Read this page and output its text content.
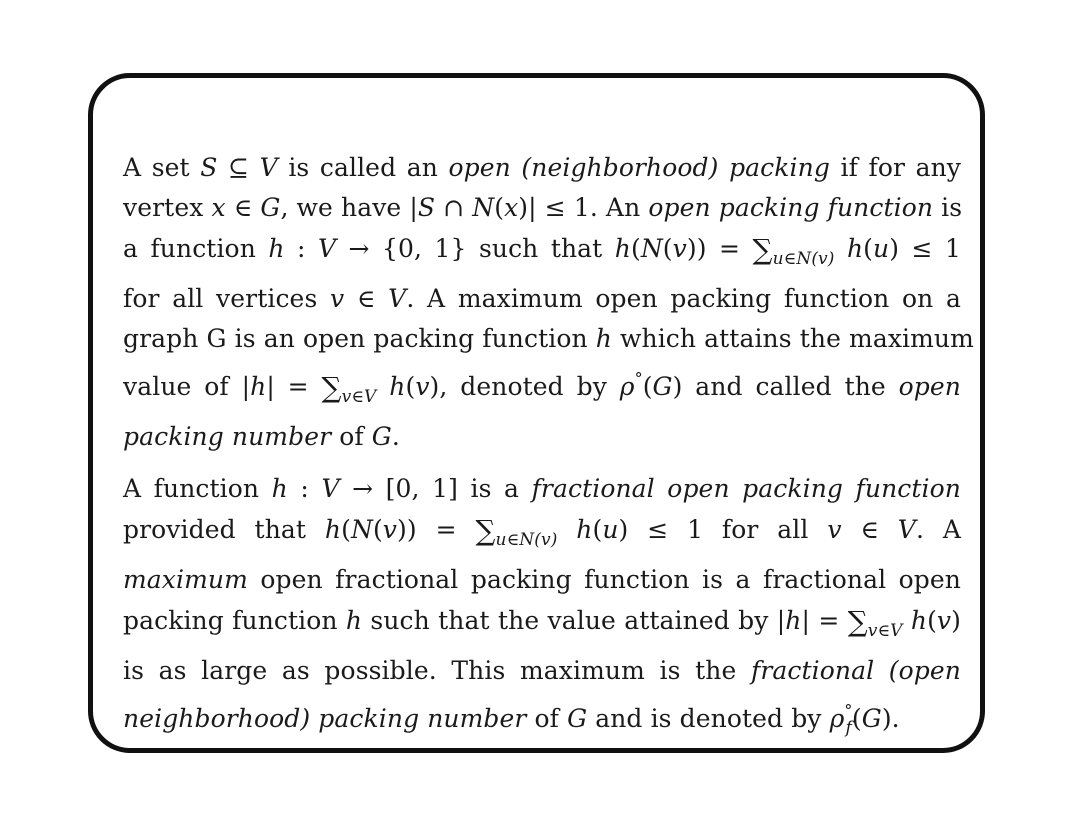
A set S ⊆ V is called an open (neighborhood) packing if for any
vertex x ∈ G, we have |S ∩ N(x)| ≤ 1. An open packing function is
a function h : V → {0, 1} such that $h(N(v)) = \sum_{u\in N(v)}$ h(u) ≤ 1
for all vertices v ∈ V. A maximum open packing function on a
graph G is an open packing function h which attains the maximum
value of $|h| = \sum_{v\in V}$ h(v), denoted by ρ°(G) and called the open
packing number of G.
A function h : V → [0, 1] is a fractional open packing function
provided that $h(N(v)) = \sum_{u\in N(v)}$ h(u) ≤ 1 for all v ∈ V. A
maximum open fractional packing function is a fractional open
packing function h such that the value attained by $|h| = \sum_{v\in V}$ h(v)
is as large as possible. This maximum is the fractional (open
neighborhood) packing number of G and is denoted by $\rho^\circ_f(G)$.
